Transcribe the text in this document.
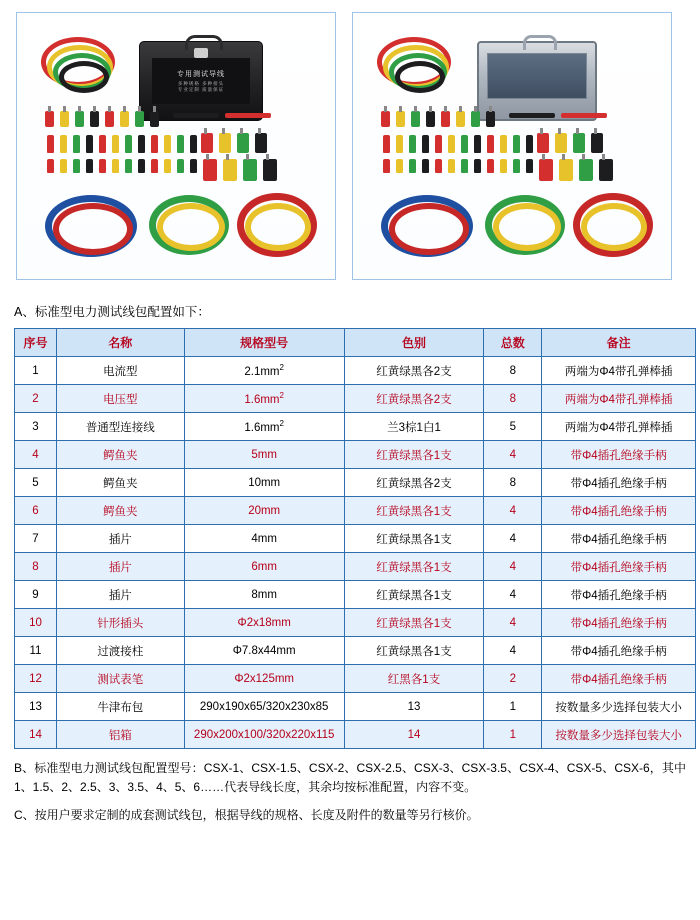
专用测试导线
多种规格 多种接头
专业定制 质量保证
A、标准型电力测试线包配置如下：
序号	名称	规格型号	色别	总数	备注
1	电流型	$2.1mm^2$	红黄绿黑各2支	8	两端为Φ4带孔弹棒插
2	电压型	$1.6mm^2$	红黄绿黑各2支	8	两端为Φ4带孔弹棒插
3	普通型连接线	$1.6mm^2$	兰3棕1白1	5	两端为Φ4带孔弹棒插
4	鳄鱼夹	5mm	红黄绿黑各1支	4	带Φ4插孔绝缘手柄
5	鳄鱼夹	10mm	红黄绿黑各2支	8	带Φ4插孔绝缘手柄
6	鳄鱼夹	20mm	红黄绿黑各1支	4	带Φ4插孔绝缘手柄
7	插片	4mm	红黄绿黑各1支	4	带Φ4插孔绝缘手柄
8	插片	6mm	红黄绿黑各1支	4	带Φ4插孔绝缘手柄
9	插片	8mm	红黄绿黑各1支	4	带Φ4插孔绝缘手柄
10	针形插头	Φ2x18mm	红黄绿黑各1支	4	带Φ4插孔绝缘手柄
11	过渡接柱	Φ7.8x44mm	红黄绿黑各1支	4	带Φ4插孔绝缘手柄
12	测试表笔	Φ2x125mm	红黑各1支	2	带Φ4插孔绝缘手柄
13	牛津布包	290x190x65/320x230x85	13	1	按数量多少选择包装大小
14	铝箱	290x200x100/320x220x115	14	1	按数量多少选择包装大小
B、标准型电力测试线包配置型号：CSX-1、CSX-1.5、CSX-2、CSX-2.5、CSX-3、CSX-3.5、CSX-4、CSX-5、CSX-6，其中1、1.5、2、2.5、3、3.5、4、5、6……代表导线长度，其余均按标准配置，内容不变。
C、按用户要求定制的成套测试线包，根据导线的规格、长度及附件的数量等另行核价。
